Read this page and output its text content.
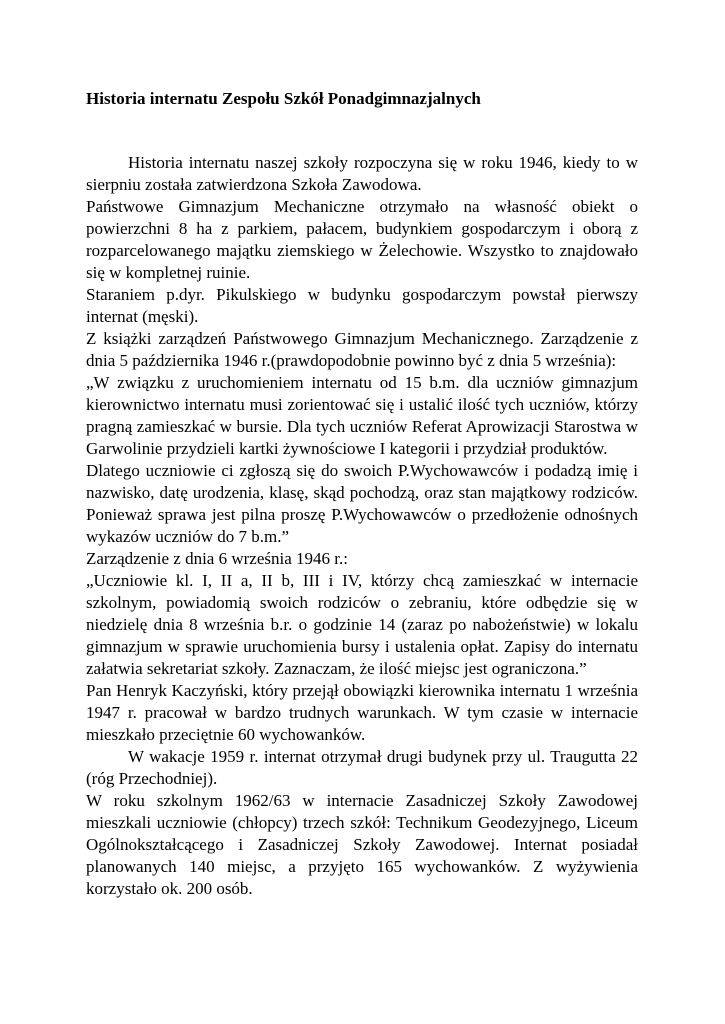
Historia internatu Zespołu Szkół Ponadgimnazjalnych

Historia internatu naszej szkoły rozpoczyna się w roku 1946, kiedy to w sierpniu została zatwierdzona Szkoła Zawodowa.

Państwowe Gimnazjum Mechaniczne otrzymało na własność obiekt o powierzchni 8 ha z parkiem, pałacem, budynkiem gospodarczym i oborą z rozparcelowanego majątku ziemskiego w Żelechowie. Wszystko to znajdowało się w kompletnej ruinie.

Staraniem p.dyr. Pikulskiego w budynku gospodarczym powstał pierwszy internat (męski).

Z książki zarządzeń Państwowego Gimnazjum Mechanicznego. Zarządzenie z dnia 5 października 1946 r.(prawdopodobnie powinno być z dnia 5 września):

„W związku z uruchomieniem internatu od 15 b.m. dla uczniów gimnazjum kierownictwo internatu musi zorientować się i ustalić ilość tych uczniów, którzy pragną zamieszkać w bursie. Dla tych uczniów Referat Aprowizacji Starostwa w Garwolinie przydzieli kartki żywnościowe I kategorii i przydział produktów.

Dlatego uczniowie ci zgłoszą się do swoich P.Wychowawców i podadzą imię i nazwisko, datę urodzenia, klasę, skąd pochodzą, oraz stan majątkowy rodziców. Ponieważ sprawa jest pilna proszę P.Wychowawców o przedłożenie odnośnych wykazów uczniów do 7 b.m.”

Zarządzenie z dnia 6 września 1946 r.:

„Uczniowie kl. I, II a, II b, III i IV, którzy chcą zamieszkać w internacie szkolnym, powiadomią swoich rodziców o zebraniu, które odbędzie się w niedzielę dnia 8 września b.r. o godzinie 14 (zaraz po nabożeństwie) w lokalu gimnazjum w sprawie uruchomienia bursy i ustalenia opłat. Zapisy do internatu załatwia sekretariat szkoły. Zaznaczam, że ilość miejsc jest ograniczona.”

Pan Henryk Kaczyński, który przejął obowiązki kierownika internatu 1 września 1947 r. pracował w bardzo trudnych warunkach. W tym czasie w internacie mieszkało przeciętnie 60 wychowanków.

W wakacje 1959 r. internat otrzymał drugi budynek przy ul. Traugutta 22 (róg Przechodniej).

W roku szkolnym 1962/63 w internacie Zasadniczej Szkoły Zawodowej mieszkali uczniowie (chłopcy) trzech szkół: Technikum Geodezyjnego, Liceum Ogólnokształcącego i Zasadniczej Szkoły Zawodowej. Internat posiadał planowanych 140 miejsc, a przyjęto 165 wychowanków. Z wyżywienia korzystało ok. 200 osób.
